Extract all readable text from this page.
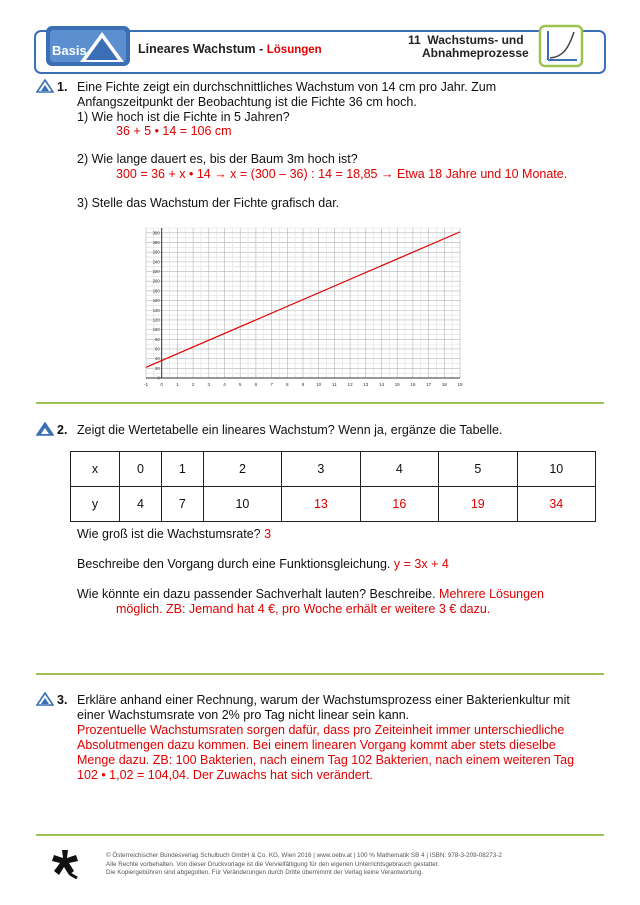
Basis	Lineares Wachstum - Lösungen
11 Wachstums- und
Abnahmeprozesse
1. Eine Fichte zeigt ein durchschnittliches Wachstum von 14 cm pro Jahr. Zum
Anfangszeitpunkt der Beobachtung ist die Fichte 36 cm hoch.
1) Wie hoch ist die Fichte in 5 Jahren?
36 + 5 • 14 = 106 cm
2) Wie lange dauert es, bis der Baum 3m hoch ist?
300 = 36 + x • 14 → x = (300 – 36) : 14 = 18,85 → Etwa 18 Jahre und 10 Monate.
3) Stelle das Wachstum der Fichte grafisch dar.
-1	0	1	2	3	4	5	6	7	8	9	10 11 12 13 14 15 16 17 18 19
0
20
40
60
80
100
120
140
160
180
200
220
240
260
280
300
2. Zeigt die Wertetabelle ein lineares Wachstum? Wenn ja, ergänze die Tabelle.
x	0	1	2	3	4	5	10
y	4	7	10	13	16	19	34
Wie groß ist die Wachstumsrate? 3
Beschreibe den Vorgang durch eine Funktionsgleichung. y = 3x + 4
Wie könnte ein dazu passender Sachverhalt lauten? Beschreibe. Mehrere Lösungen
möglich. ZB: Jemand hat 4 €, pro Woche erhält er weitere 3 € dazu.
3. Erkläre anhand einer Rechnung, warum der Wachstumsprozess einer Bakterienkultur mit
einer Wachstumsrate von 2% pro Tag nicht linear sein kann.
Prozentuelle Wachstumsraten sorgen dafür, dass pro Zeiteinheit immer unterschiedliche
Absolutmengen dazu kommen. Bei einem linearen Vorgang kommt aber stets dieselbe
Menge dazu. ZB: 100 Bakterien, nach einem Tag 102 Bakterien, nach einem weiteren Tag
102 • 1,02 = 104,04. Der Zuwachs hat sich verändert.
© Österreichischer Bundesverlag Schulbuch GmbH & Co. KG, Wien 2016 | www.oebv.at | 100 % Mathematik SB 4 | ISBN: 978-3-209-08273-2
Alle Rechte vorbehalten. Von dieser Druckvorlage ist die Vervielfältigung für den eigenen Unterrichtsgebrauch gestattet.
Die Kopiergebühren sind abgegolten. Für Veränderungen durch Dritte übernimmt der Verlag keine Verantwortung.
